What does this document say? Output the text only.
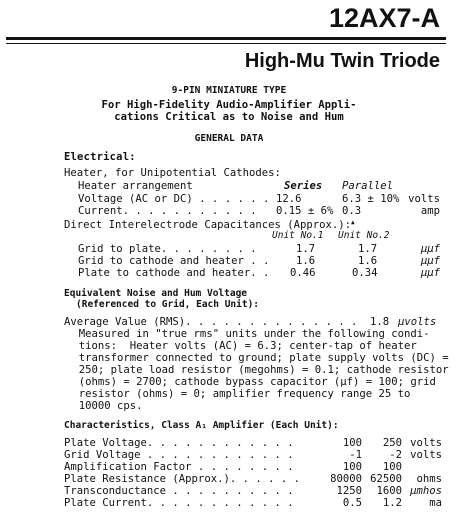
12AX7-A
High-Mu Twin Triode
9-PIN MINIATURE TYPE
For High-Fidelity Audio-Amplifier Appli-
cations Critical as to Noise and Hum
GENERAL DATA
Electrical:
Heater, for Unipotential Cathodes:
Series Parallel
Heater arrangement
Voltage (AC or DC) . . . . . . 12.6	6.3 ± 10% volts
Current. . . . . . . . . . . 0.15 ± 6% 0.3	amp
Direct Interelectrode Capacitances (Approx.):▲
Unit No.1 Unit No.2
Grid to plate. . . . . . . .	1.7	1.7	µµf
Grid to cathode and heater . .	1.6	1.6	µµf
Plate to cathode and heater. . 0.46	0.34	µµf
Equivalent Noise and Hum Voltage
(Referenced to Grid, Each Unit):
Average Value (RMS). . . . . . . . . . . . . . 1.8 µvolts
Measured in "true rms" units under the following condi-
tions:  Heater volts (AC) = 6.3; center-tap of heater
transformer connected to ground; plate supply volts (DC) =
250; plate load resistor (megohms) = 0.1; cathode resistor
(ohms) = 2700; cathode bypass capacitor (µf) = 100; grid
resistor (ohms) = 0; amplifier frequency range 25 to
10000 cps.
Characteristics, Class A₁ Amplifier (Each Unit):
Plate Voltage. . . . . . . . . . . .	100	250 volts
Grid Voltage . . . . . . . . . . . .	-1	-2 volts
Amplification Factor . . . . . . . .	100	100
Plate Resistance (Approx.). . . . . .	80000 62500	ohms
Transconductance . . . . . . . . . .	1250	1600 µmhos
Plate Current. . . . . . . . . . . .	0.5	1.2	ma
